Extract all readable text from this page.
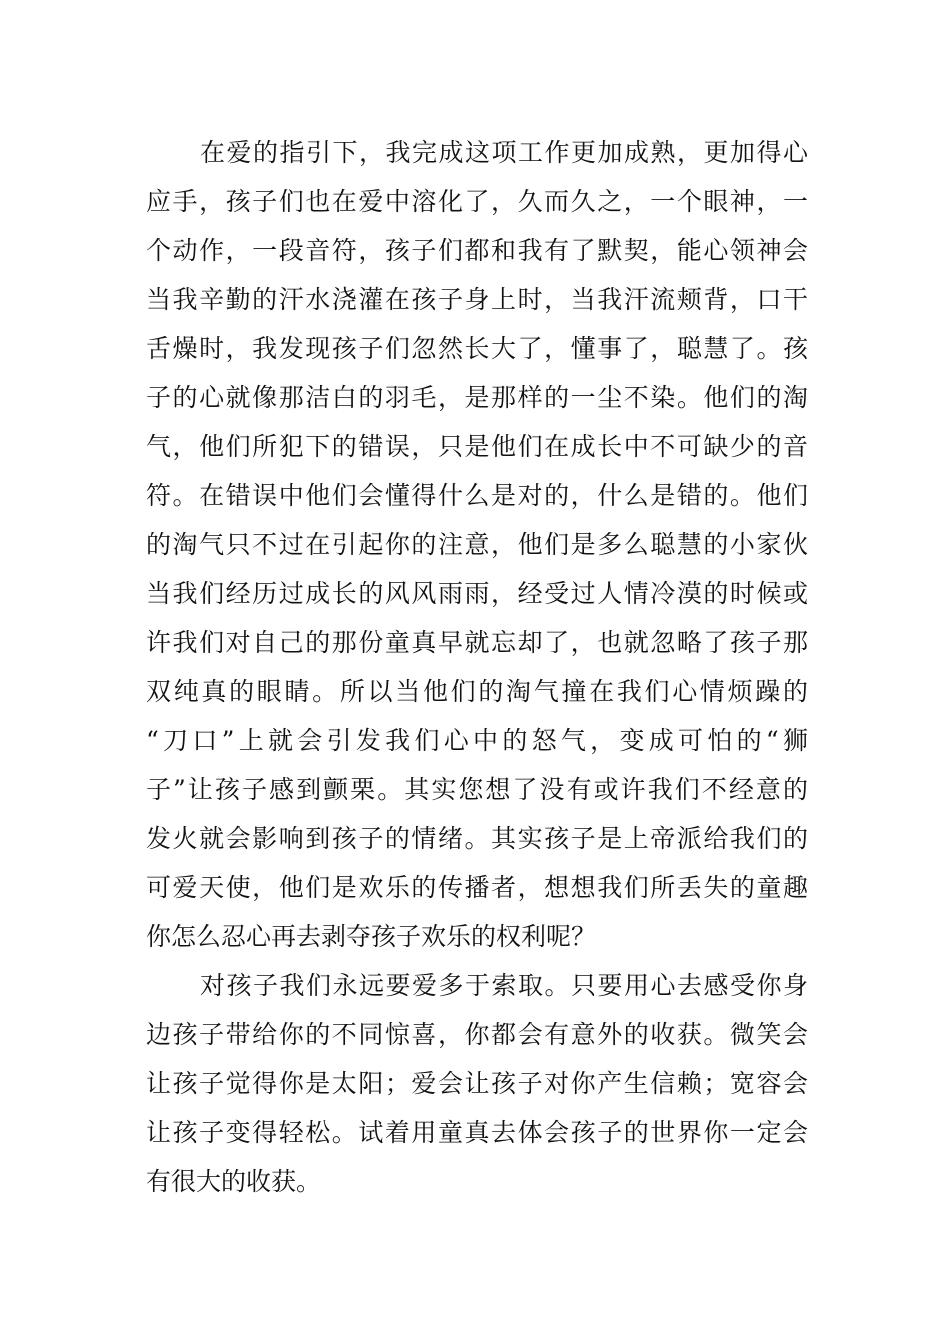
在爱的指引下，我完成这项工作更加成熟，更加得心
应手，孩子们也在爱中溶化了，久而久之，一个眼神，一
个动作，一段音符，孩子们都和我有了默契，能心领神会
当我辛勤的汗水浇灌在孩子身上时，当我汗流颊背，口干
舌燥时，我发现孩子们忽然长大了，懂事了，聪慧了。孩
子的心就像那洁白的羽毛，是那样的一尘不染。他们的淘
气，他们所犯下的错误，只是他们在成长中不可缺少的音
符。在错误中他们会懂得什么是对的，什么是错的。他们
的淘气只不过在引起你的注意，他们是多么聪慧的小家伙
当我们经历过成长的风风雨雨，经受过人情冷漠的时候或
许我们对自己的那份童真早就忘却了，也就忽略了孩子那
双纯真的眼睛。所以当他们的淘气撞在我们心情烦躁的
“刀口”上就会引发我们心中的怒气，变成可怕的“狮
子”让孩子感到颤栗。其实您想了没有或许我们不经意的
发火就会影响到孩子的情绪。其实孩子是上帝派给我们的
可爱天使，他们是欢乐的传播者，想想我们所丢失的童趣
你怎么忍心再去剥夺孩子欢乐的权利呢？
对孩子我们永远要爱多于索取。只要用心去感受你身
边孩子带给你的不同惊喜，你都会有意外的收获。微笑会
让孩子觉得你是太阳；爱会让孩子对你产生信赖；宽容会
让孩子变得轻松。试着用童真去体会孩子的世界你一定会
有很大的收获。
